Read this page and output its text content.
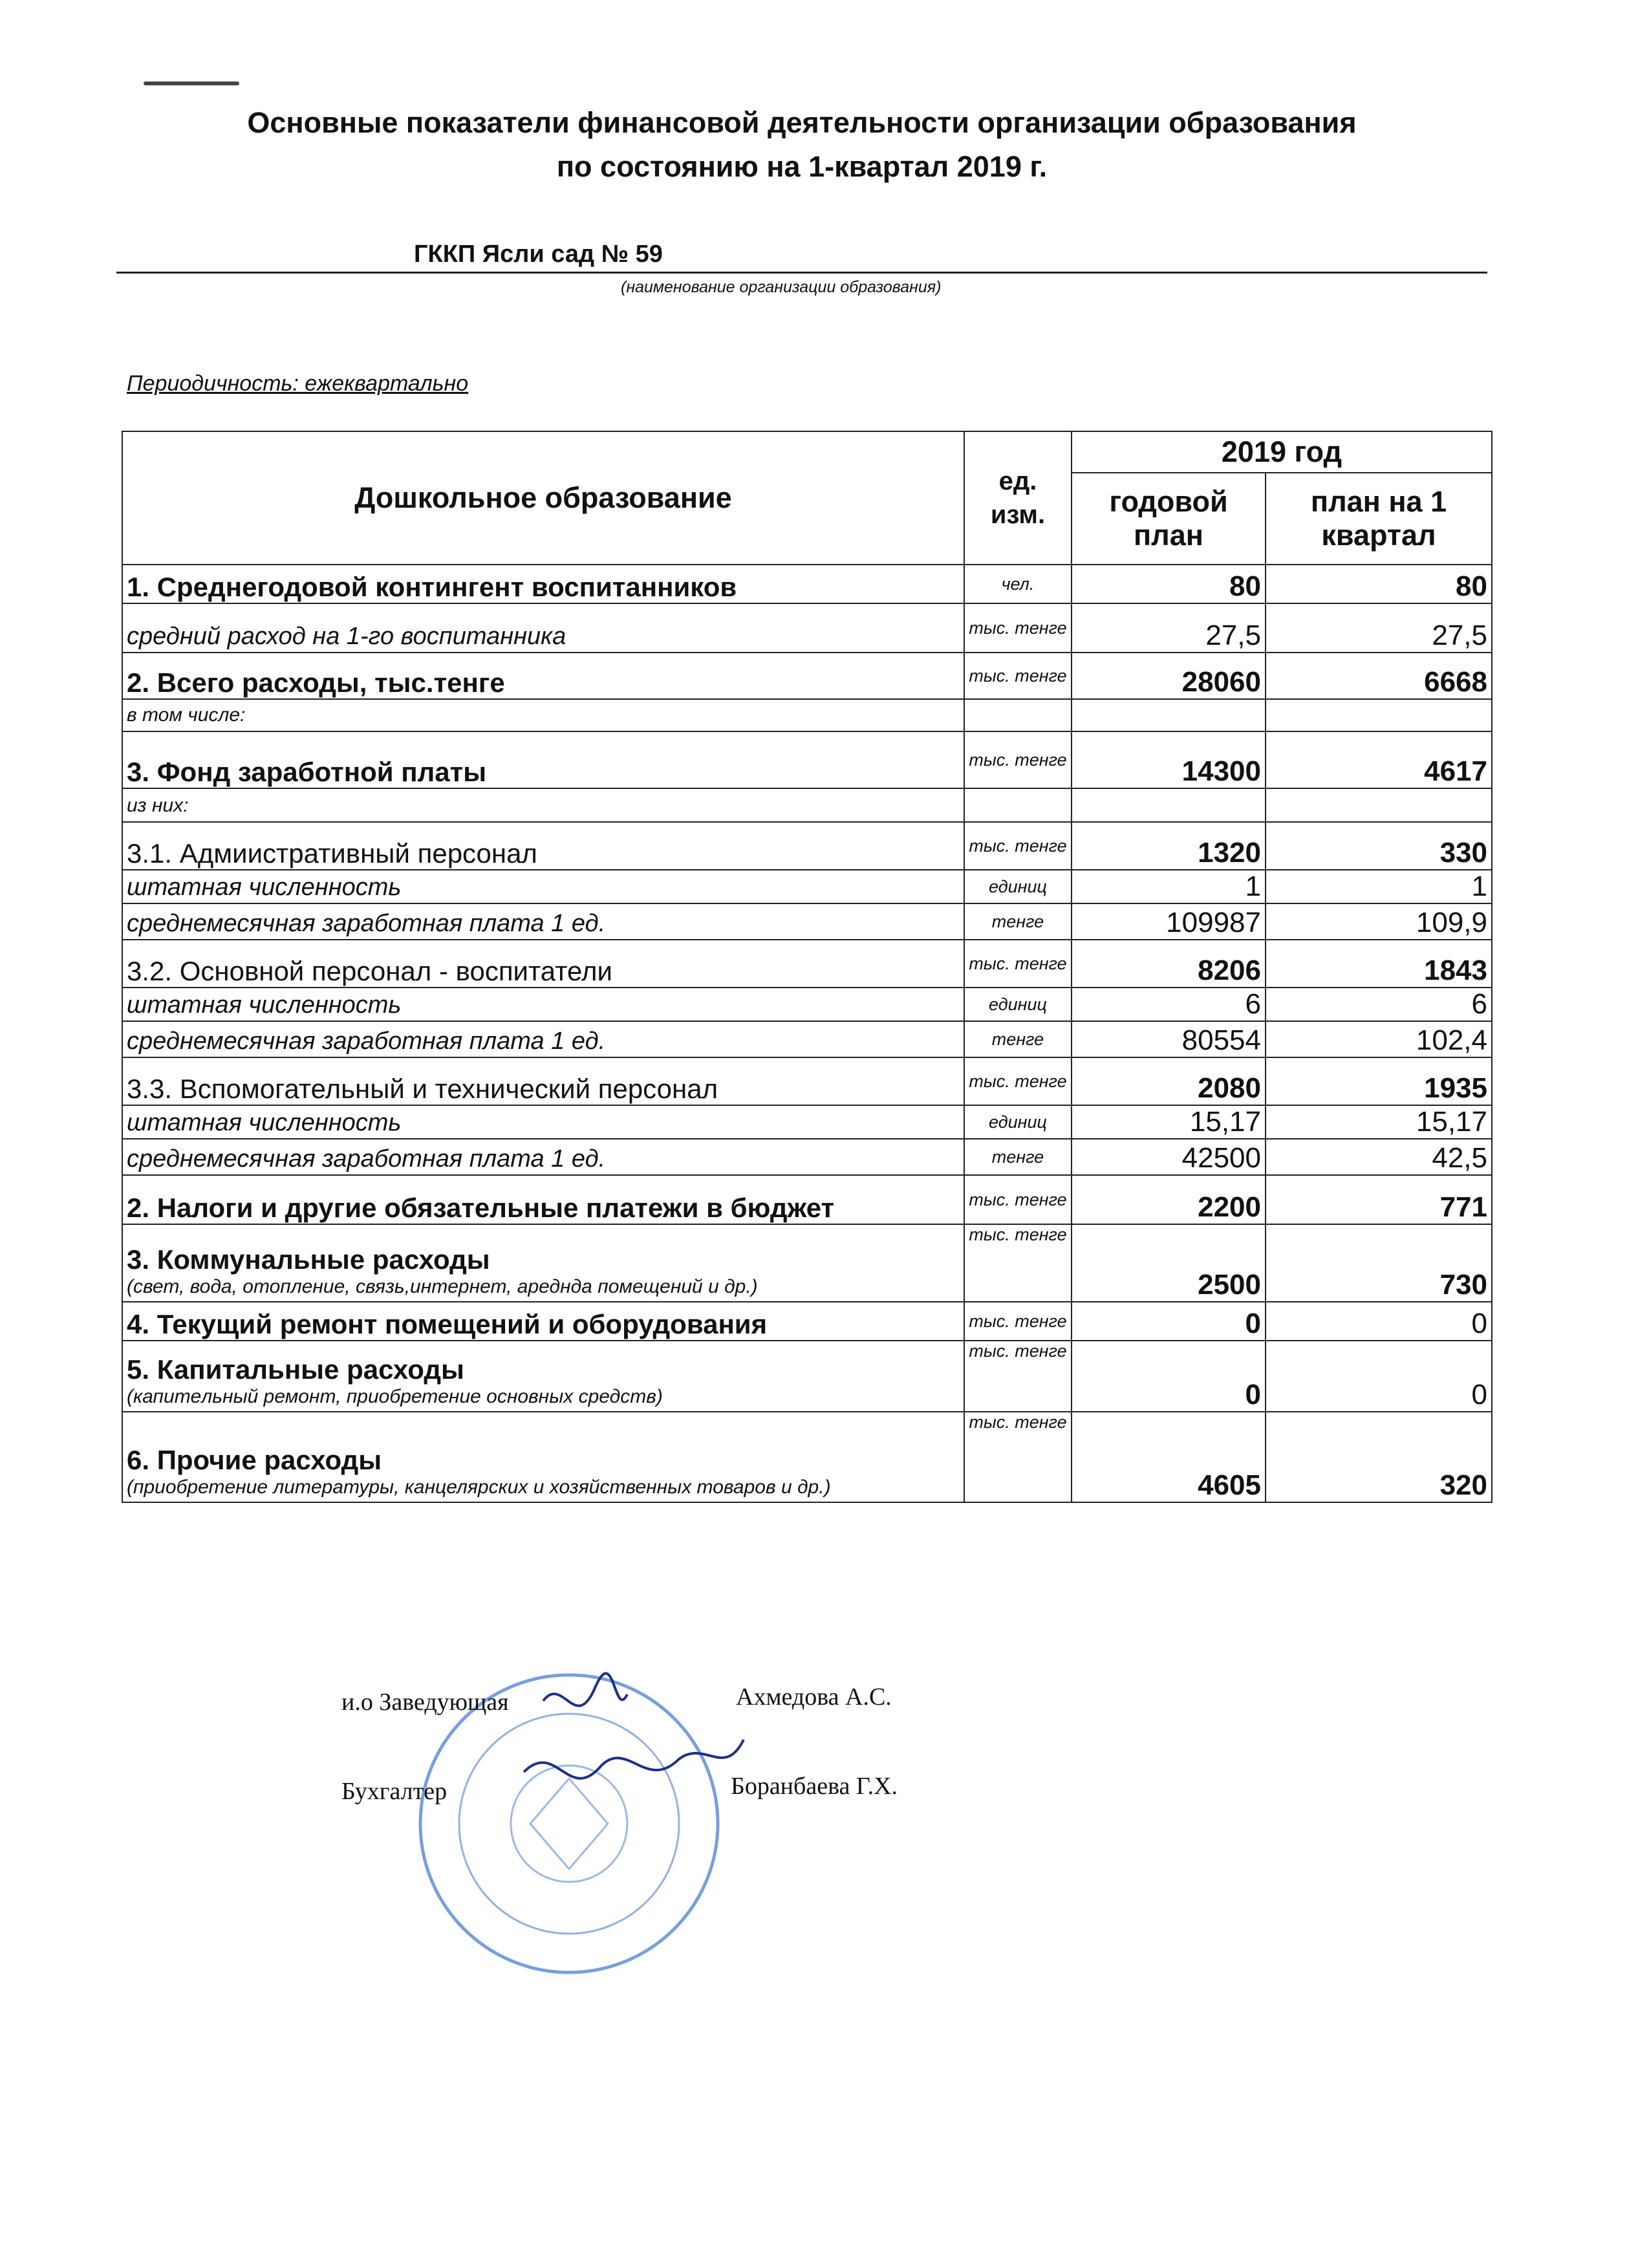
Основные показатели финансовой деятельности организации образования
по состоянию на 1-квартал 2019 г.
ГККП Ясли сад № 59
(наименование организации образования)
Периодичность: ежеквартально
Дошкольное образование	ед. изм.	2019 год	
		годовой план	план на 1 квартал
1. Среднегодовой контингент воспитанников	чел.	80	80
средний расход на 1-го воспитанника	тыс. тенге	27,5	27,5
2. Всего расходы, тыс.тенге	тыс. тенге	28060	6668
в том числе:			
3. Фонд заработной платы	тыс. тенге	14300	4617
из них:			
3.1. Адмиистративный персонал	тыс. тенге	1320	330
штатная численность	единиц	1	1
среднемесячная заработная плата 1 ед.	тенге	109987	109,9
3.2. Основной персонал - воспитатели	тыс. тенге	8206	1843
штатная численность	единиц	6	6
среднемесячная заработная плата 1 ед.	тенге	80554	102,4
3.3. Вспомогательный и технический персонал	тыс. тенге	2080	1935
штатная численность	единиц	15,17	15,17
среднемесячная заработная плата 1 ед.	тенге	42500	42,5
2. Налоги и другие обязательные платежи в бюджет	тыс. тенге	2200	771
3. Коммунальные расходы
(свет, вода, отопление, связь,интернет, ареднда помещений и др.)	тыс. тенге	2500	730
4. Текущий ремонт помещений и оборудования	тыс. тенге	0	0
5. Капитальные расходы
(капитeльный ремонт, приобретение основных средств)	тыс. тенге	0	0
6. Прочие расходы
(приобретение литературы, канцелярских и хозяйственных товаров и др.)	тыс. тенге	4605	320
и.о Заведующая	Ахмедова А.С.
Бухгалтер	Боранбаева Г.Х.
